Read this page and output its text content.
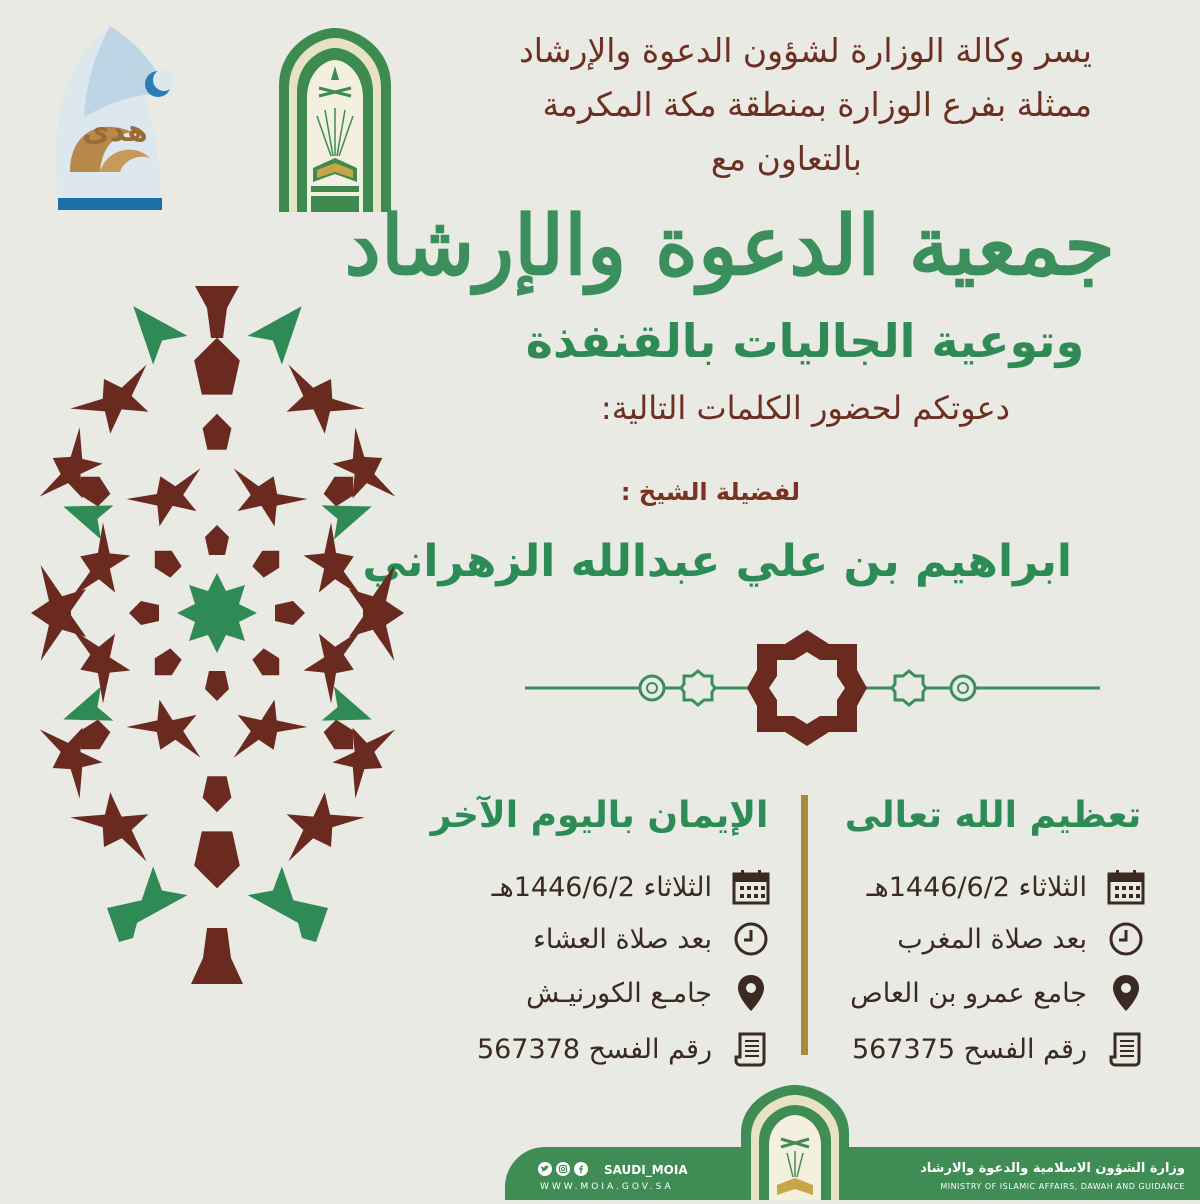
هدى
يسر وكالة الوزارة لشؤون الدعوة والإرشاد
ممثلة بفرع الوزارة بمنطقة مكة المكرمة
بالتعاون مع
جمعية الدعوة والإرشاد
وتوعية الجاليات بالقنفذة
دعوتكم لحضور الكلمات التالية:
لفضيلة الشيخ :
ابراهيم بن علي عبدالله الزهراني
تعظيم الله تعالى
الثلاثاء 1446/6/2هـ
بعد صلاة المغرب
جامع عمرو بن العاص
رقم الفسح 567375
الإيمان باليوم الآخر
الثلاثاء 1446/6/2هـ
بعد صلاة العشاء
جامـع الكورنيـش
رقم الفسح 567378
وزارة الشؤون الاسلامية والدعوة والارشاد
MINISTRY OF ISLAMIC AFFAIRS, DAWAH AND GUIDANCE
SAUDI_MOIA
WWW.MOIA.GOV.SA
